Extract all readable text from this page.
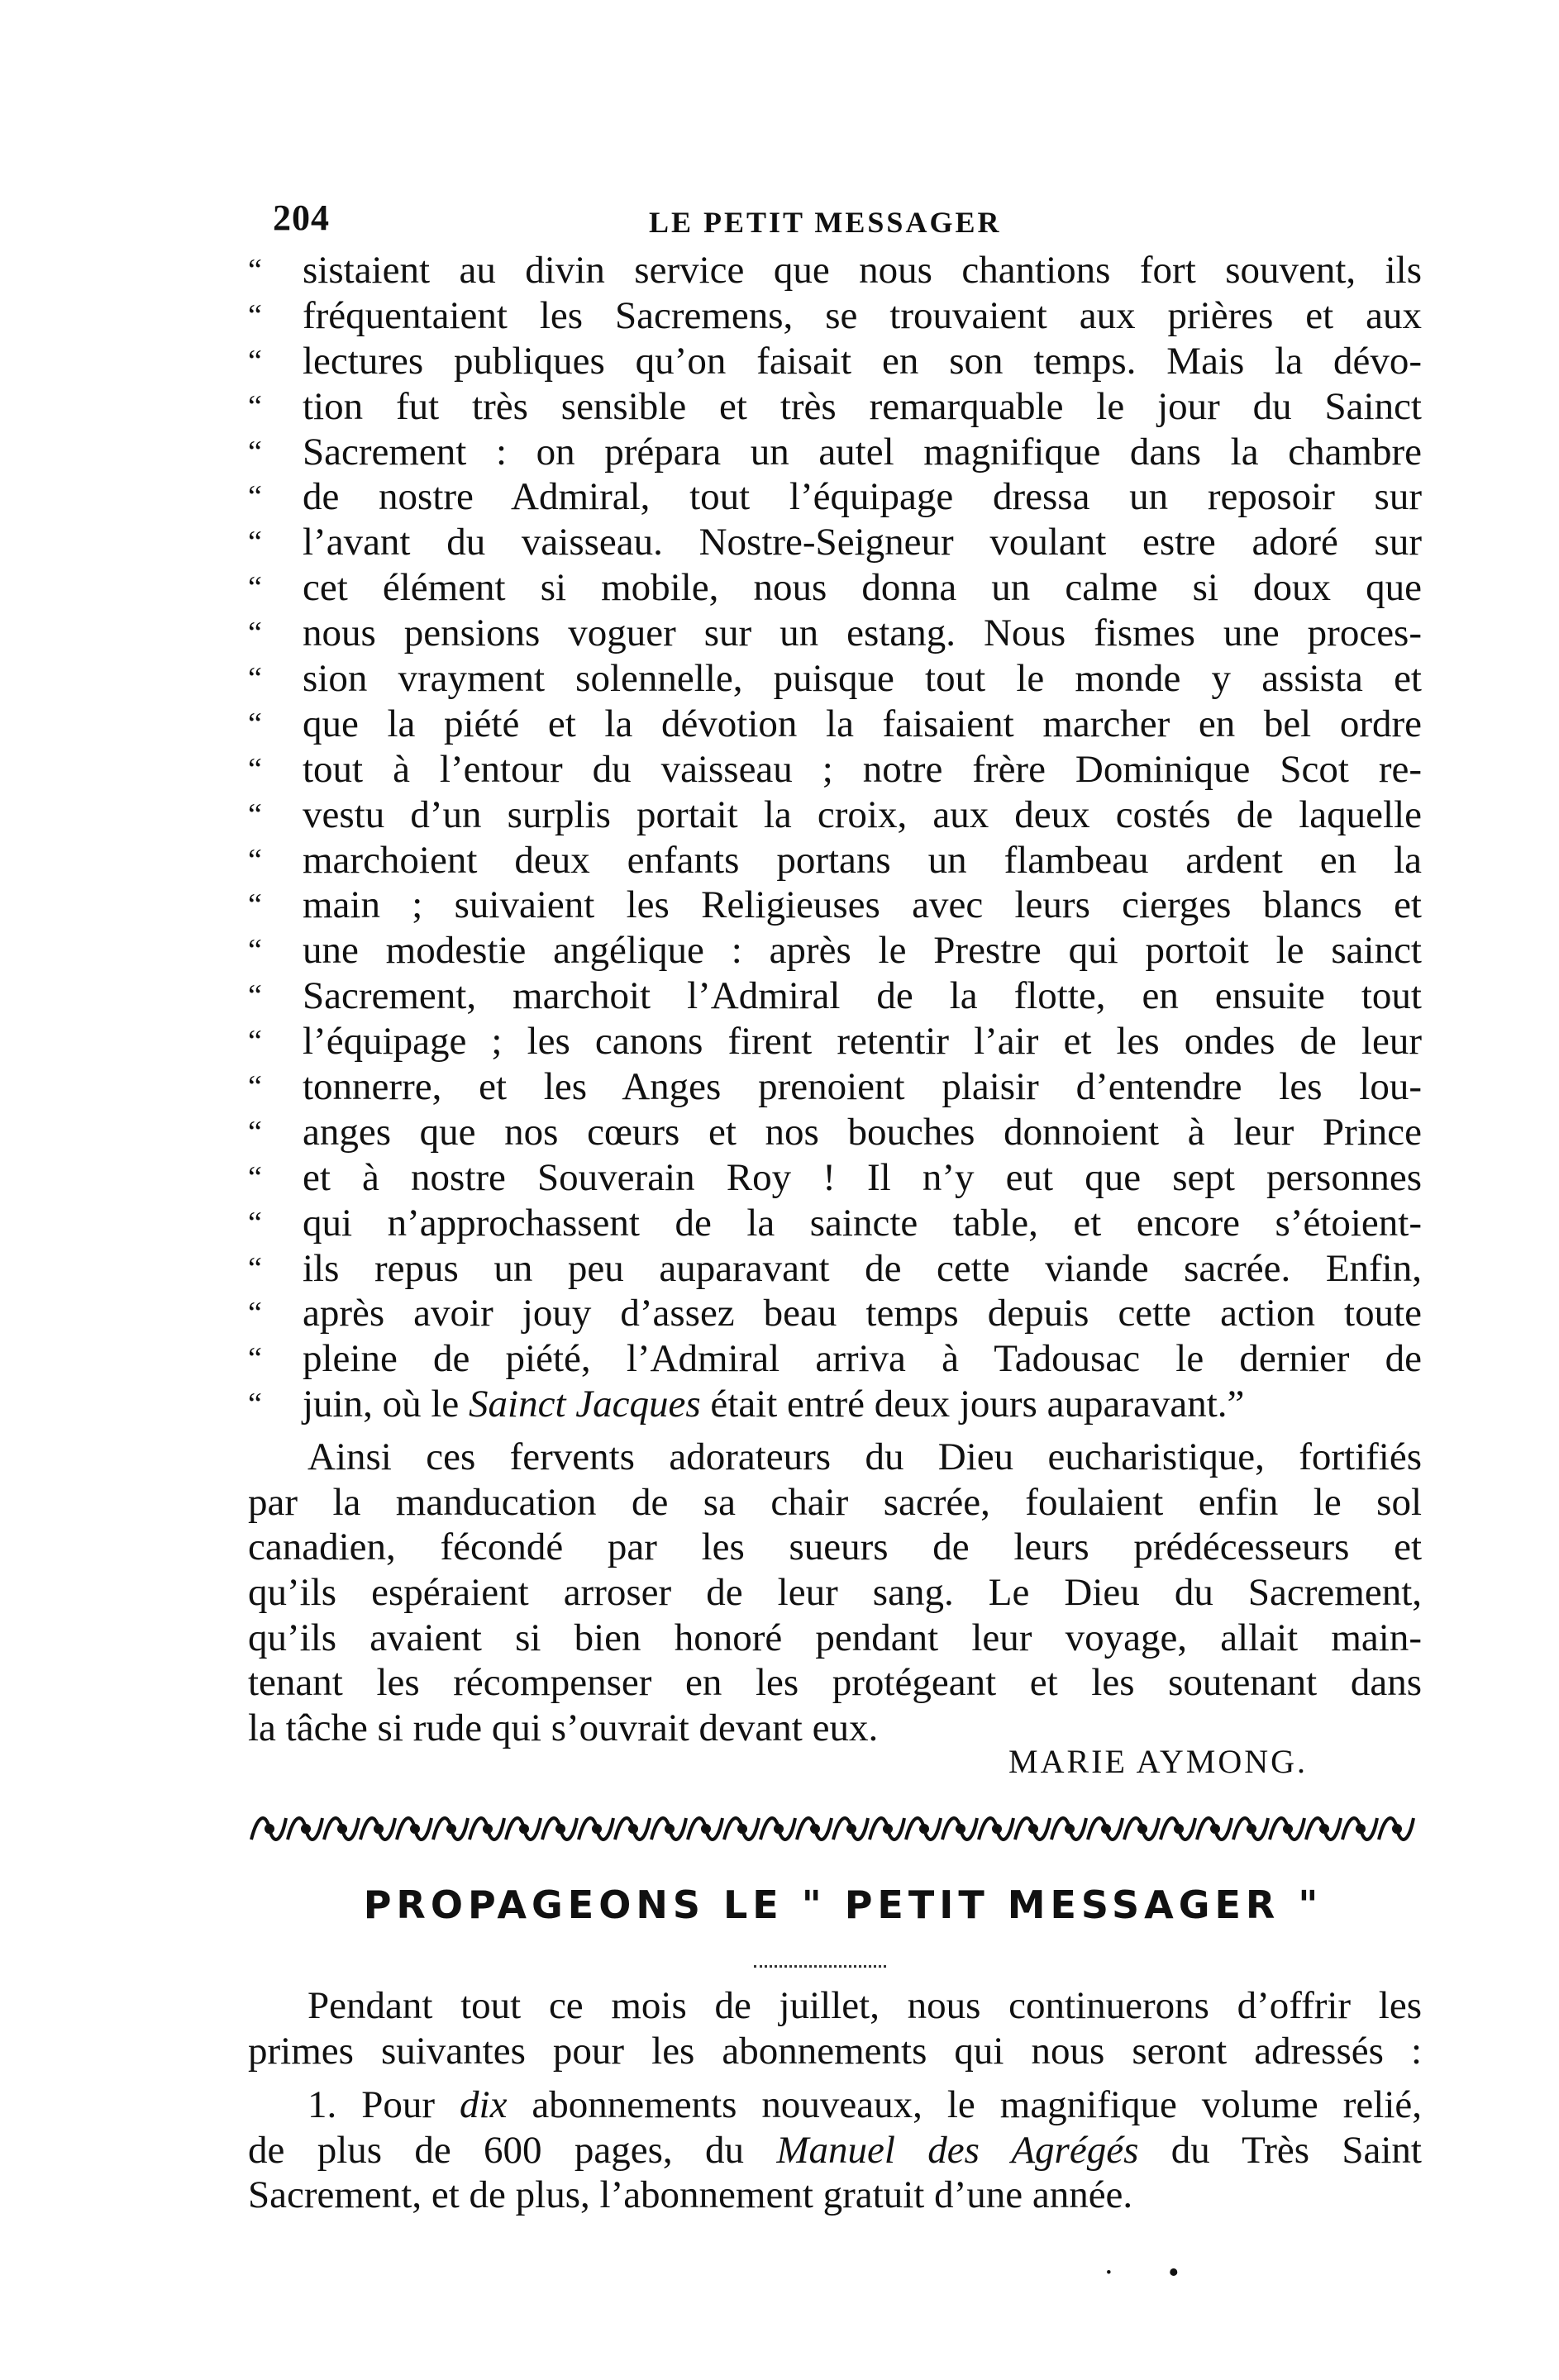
204	LE PETIT MESSAGER
“	sistaient au divin service que nous chantions fort souvent, ils
“	fréquentaient les Sacremens, se trouvaient aux prières et aux
“	lectures publiques qu’on faisait en son temps. Mais la dévo-
“	tion fut très sensible et très remarquable le jour du Sainct
“	Sacrement : on prépara un autel magnifique dans la chambre
“	de nostre Admiral, tout l’équipage dressa un reposoir sur
“	l’avant du vaisseau. Nostre-Seigneur voulant estre adoré sur
“	cet élément si mobile, nous donna un calme si doux que
“	nous pensions voguer sur un estang. Nous fismes une proces-
“	sion vrayment solennelle, puisque tout le monde y assista et
“	que la piété et la dévotion la faisaient marcher en bel ordre
“	tout à l’entour du vaisseau ; notre frère Dominique Scot re-
“	vestu d’un surplis portait la croix, aux deux costés de laquelle
“	marchoient deux enfants portans un flambeau ardent en la
“	main ; suivaient les Religieuses avec leurs cierges blancs et
“	une modestie angélique : après le Prestre qui portoit le sainct
“	Sacrement, marchoit l’Admiral de la flotte, en ensuite tout
“	l’équipage ; les canons firent retentir l’air et les ondes de leur
“	tonnerre, et les Anges prenoient plaisir d’entendre les lou-
“	anges que nos cœurs et nos bouches donnoient à leur Prince
“	et à nostre Souverain Roy ! Il n’y eut que sept personnes
“	qui n’approchassent de la saincte table, et encore s’étoient-
“	ils repus un peu auparavant de cette viande sacrée. Enfin,
“	après avoir jouy d’assez beau temps depuis cette action toute
“	pleine de piété, l’Admiral arriva à Tadousac le dernier de
“	juin, où le Sainct Jacques était entré deux jours auparavant.”
Ainsi ces fervents adorateurs du Dieu eucharistique, fortifiés
par la manducation de sa chair sacrée, foulaient enfin le sol
canadien, fécondé par les sueurs de leurs prédécesseurs et
qu’ils espéraient arroser de leur sang. Le Dieu du Sacrement,
qu’ils avaient si bien honoré pendant leur voyage, allait main-
tenant les récompenser en les protégeant et les soutenant dans
la tâche si rude qui s’ouvrait devant eux.
MARIE AYMONG.
PROPAGEONS LE " PETIT MESSAGER "
Pendant tout ce mois de juillet, nous continuerons d’offrir les
primes suivantes pour les abonnements qui nous seront adressés :
1. Pour dix abonnements nouveaux, le magnifique volume relié,
de plus de 600 pages, du Manuel des Agrégés du Très Saint
Sacrement, et de plus, l’abonnement gratuit d’une année.
· •
